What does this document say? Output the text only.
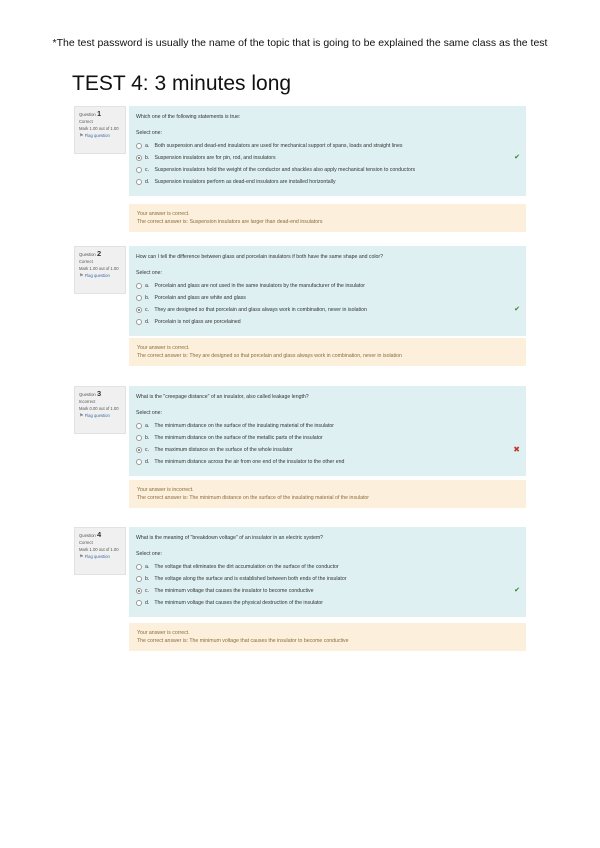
*The test password is usually the name of the topic that is going to be explained the same class as the test
TEST 4: 3 minutes long
Question 1
Correct
Mark 1.00 out of 1.00
⚑ Flag question
Which one of the following statements is true:
Select one:
a. Both suspension and dead-end insulators are used for mechanical support of spans, loads and straight lines
b. Suspension insulators are for pin, rod, and insulators	✔
c. Suspension insulators hold the weight of the conductor and shackles also apply mechanical tension to conductors
d. Suspension insulators perform as dead-end insulators are installed horizontally
Your answer is correct.
The correct answer is: Suspension insulators are larger than dead-end insulators
Question 2
Correct
Mark 1.00 out of 1.00
⚑ Flag question
How can I tell the difference between glass and porcelain insulators if both have the same shape and color?
Select one:
a. Porcelain and glass are not used in the same insulators by the manufacturer of the insulator
b. Porcelain and glass are white and glass
c. They are designed so that porcelain and glass always work in combination, never in isolation	✔
d. Porcelain is not glass are porcelained
Your answer is correct.
The correct answer is: They are designed so that porcelain and glass always work in combination, never in isolation
Question 3
Incorrect
Mark 0.00 out of 1.00
⚑ Flag question
What is the "creepage distance" of an insulator, also called leakage length?
Select one:
a. The minimum distance on the surface of the insulating material of the insulator
b. The minimum distance on the surface of the metallic parts of the insulator
c. The maximum distance on the surface of the whole insulator	✖
d. The minimum distance across the air from one end of the insulator to the other end
Your answer is incorrect.
The correct answer is: The minimum distance on the surface of the insulating material of the insulator
Question 4
Correct
Mark 1.00 out of 1.00
⚑ Flag question
What is the meaning of "breakdown voltage" of an insulator in an electric system?
Select one:
a. The voltage that eliminates the dirt accumulation on the surface of the conductor
b. The voltage along the surface and is established between both ends of the insulator
c. The minimum voltage that causes the insulator to become conductive	✔
d. The minimum voltage that causes the physical destruction of the insulator
Your answer is correct.
The correct answer is: The minimum voltage that causes the insulator to become conductive
